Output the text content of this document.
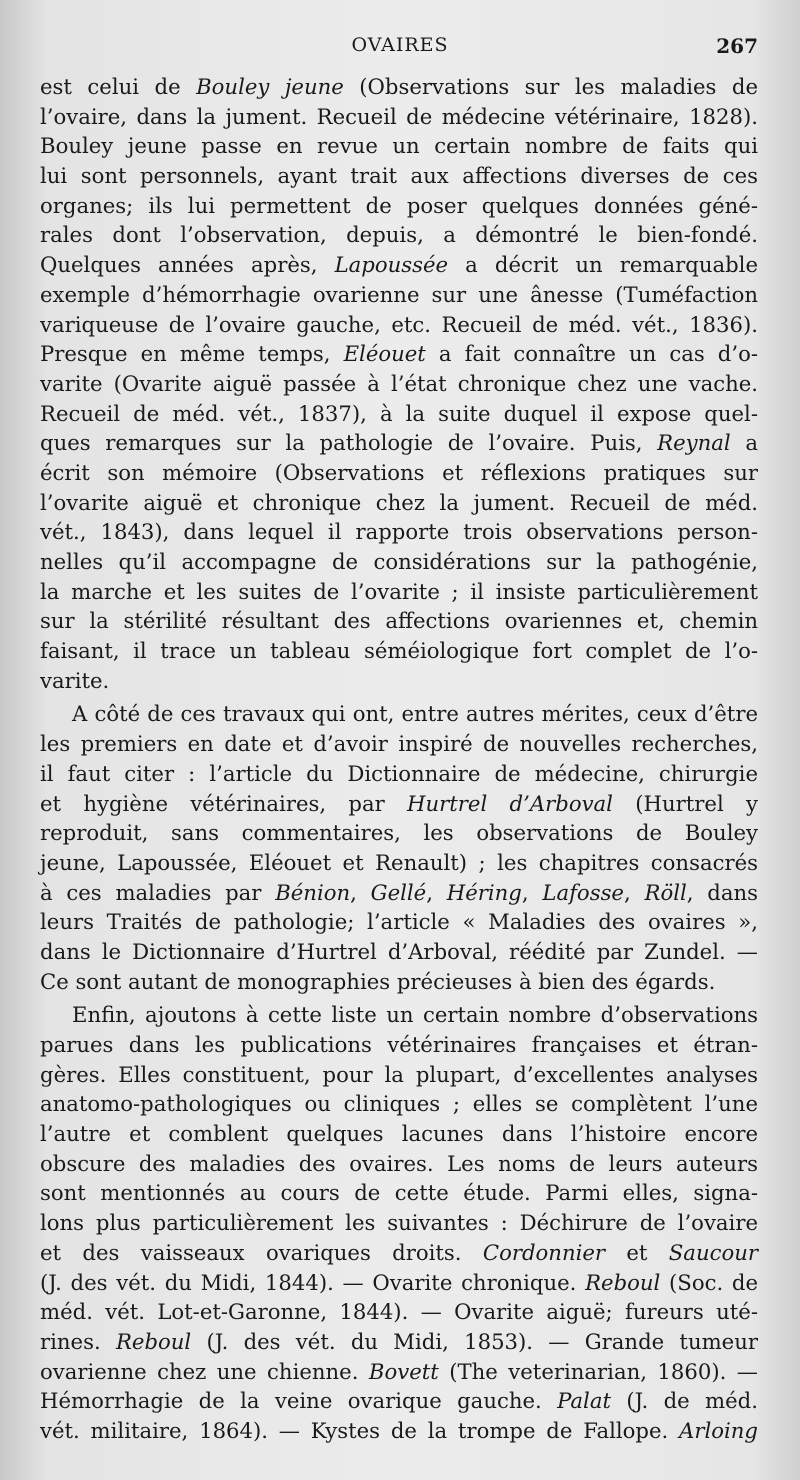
OVAIRES	267
est celui de Bouley jeune (Observations sur les maladies de
l’ovaire, dans la jument. Recueil de médecine vétérinaire, 1828).
Bouley jeune passe en revue un certain nombre de faits qui
lui sont personnels, ayant trait aux affections diverses de ces
organes; ils lui permettent de poser quelques données géné-
rales dont l’observation, depuis, a démontré le bien-fondé.
Quelques années après, Lapoussée a décrit un remarquable
exemple d’hémorrhagie ovarienne sur une ânesse (Tuméfaction
variqueuse de l’ovaire gauche, etc. Recueil de méd. vét., 1836).
Presque en même temps, Eléouet a fait connaître un cas d’o-
varite (Ovarite aiguë passée à l’état chronique chez une vache.
Recueil de méd. vét., 1837), à la suite duquel il expose quel-
ques remarques sur la pathologie de l’ovaire. Puis, Reynal a
écrit son mémoire (Observations et réflexions pratiques sur
l’ovarite aiguë et chronique chez la jument. Recueil de méd.
vét., 1843), dans lequel il rapporte trois observations person-
nelles qu’il accompagne de considérations sur la pathogénie,
la marche et les suites de l’ovarite ; il insiste particulièrement
sur la stérilité résultant des affections ovariennes et, chemin
faisant, il trace un tableau séméiologique fort complet de l’o-
varite.
A côté de ces travaux qui ont, entre autres mérites, ceux d’être
les premiers en date et d’avoir inspiré de nouvelles recherches,
il faut citer : l’article du Dictionnaire de médecine, chirurgie
et hygiène vétérinaires, par Hurtrel d’Arboval (Hurtrel y
reproduit, sans commentaires, les observations de Bouley
jeune, Lapoussée, Eléouet et Renault) ; les chapitres consacrés
à ces maladies par Bénion, Gellé, Héring, Lafosse, Röll, dans
leurs Traités de pathologie; l’article « Maladies des ovaires »,
dans le Dictionnaire d’Hurtrel d’Arboval, réédité par Zundel. —
Ce sont autant de monographies précieuses à bien des égards.
Enfin, ajoutons à cette liste un certain nombre d’observations
parues dans les publications vétérinaires françaises et étran-
gères. Elles constituent, pour la plupart, d’excellentes analyses
anatomo-pathologiques ou cliniques ; elles se complètent l’une
l’autre et comblent quelques lacunes dans l’histoire encore
obscure des maladies des ovaires. Les noms de leurs auteurs
sont mentionnés au cours de cette étude. Parmi elles, signa-
lons plus particulièrement les suivantes : Déchirure de l’ovaire
et des vaisseaux ovariques droits. Cordonnier et Saucour
(J. des vét. du Midi, 1844). — Ovarite chronique. Reboul (Soc. de
méd. vét. Lot-et-Garonne, 1844). — Ovarite aiguë; fureurs uté-
rines. Reboul (J. des vét. du Midi, 1853). — Grande tumeur
ovarienne chez une chienne. Bovett (The veterinarian, 1860). —
Hémorrhagie de la veine ovarique gauche. Palat (J. de méd.
vét. militaire, 1864). — Kystes de la trompe de Fallope. Arloing
